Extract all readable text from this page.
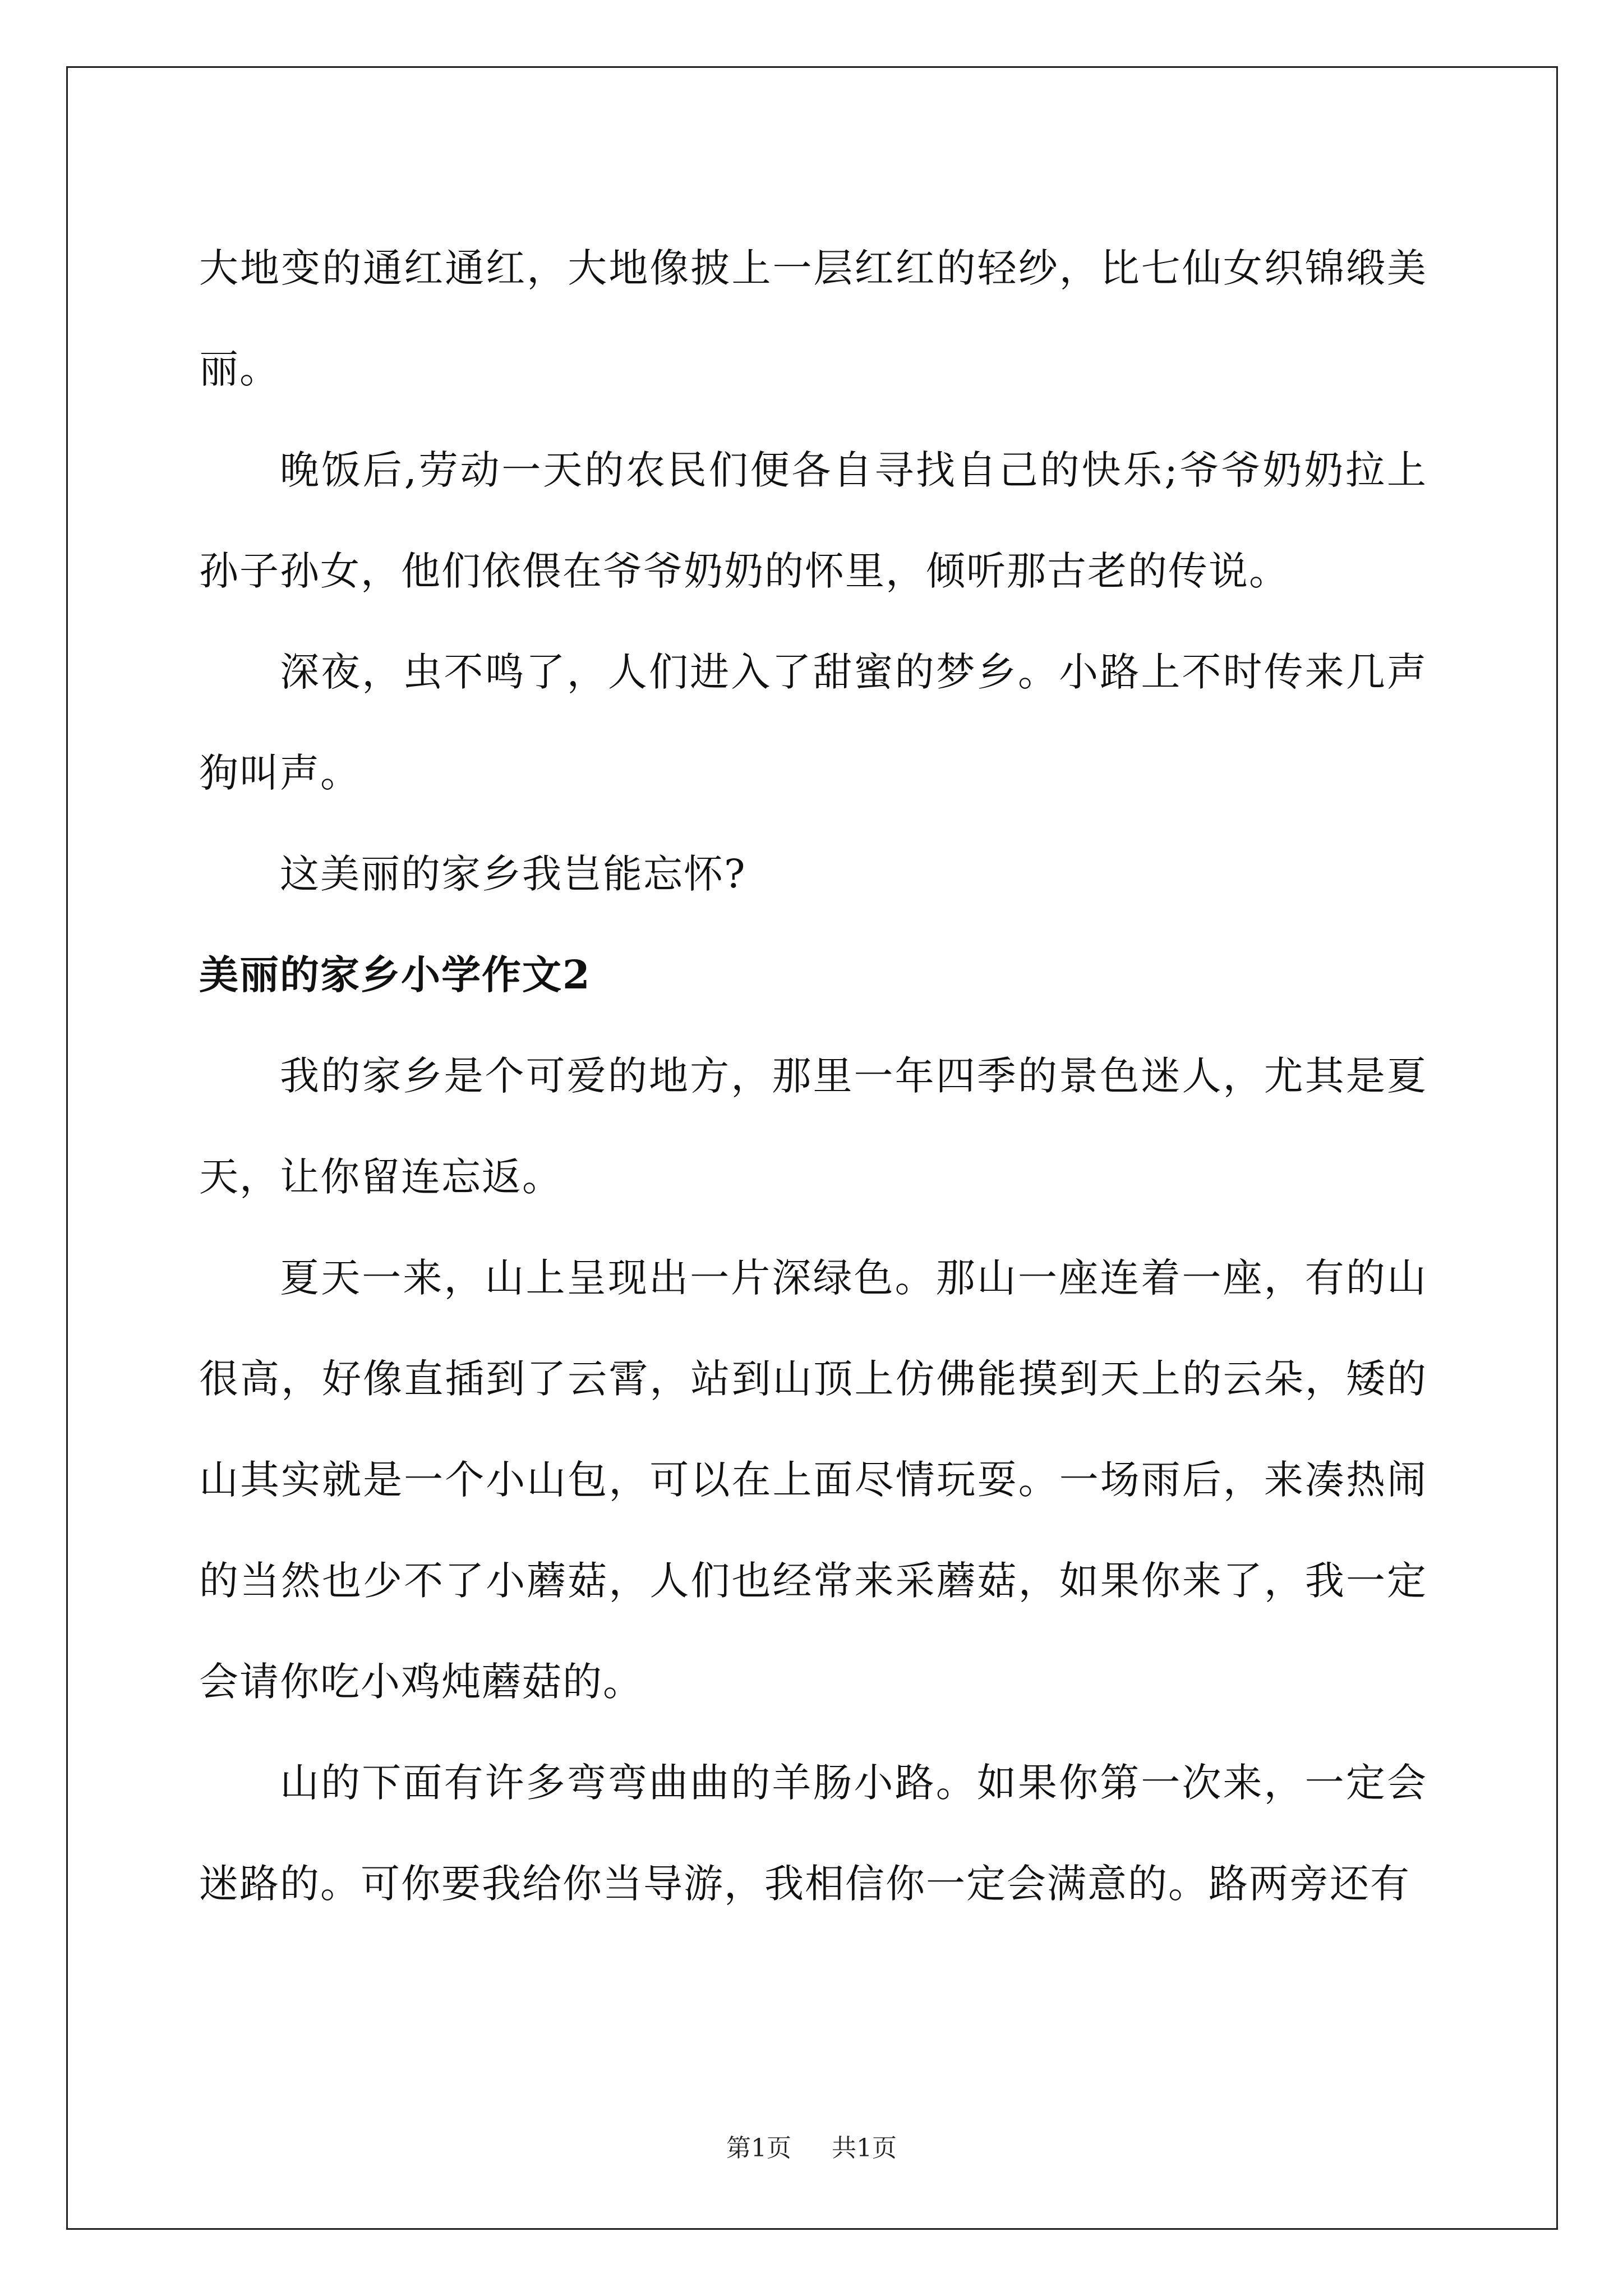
大地变的通红通红，大地像披上一层红红的轻纱，比七仙女织锦缎美丽。

晚饭后,劳动一天的农民们便各自寻找自己的快乐;爷爷奶奶拉上孙子孙女，他们依偎在爷爷奶奶的怀里，倾听那古老的传说。

深夜，虫不鸣了，人们进入了甜蜜的梦乡。小路上不时传来几声狗叫声。

这美丽的家乡我岂能忘怀?

美丽的家乡小学作文2

我的家乡是个可爱的地方，那里一年四季的景色迷人，尤其是夏天，让你留连忘返。

夏天一来，山上呈现出一片深绿色。那山一座连着一座，有的山很高，好像直插到了云霄，站到山顶上仿佛能摸到天上的云朵，矮的山其实就是一个小山包，可以在上面尽情玩耍。一场雨后，来凑热闹的当然也少不了小蘑菇，人们也经常来采蘑菇，如果你来了，我一定会请你吃小鸡炖蘑菇的。

山的下面有许多弯弯曲曲的羊肠小路。如果你第一次来，一定会迷路的。可你要我给你当导游，我相信你一定会满意的。路两旁还有

第1页 共1页
